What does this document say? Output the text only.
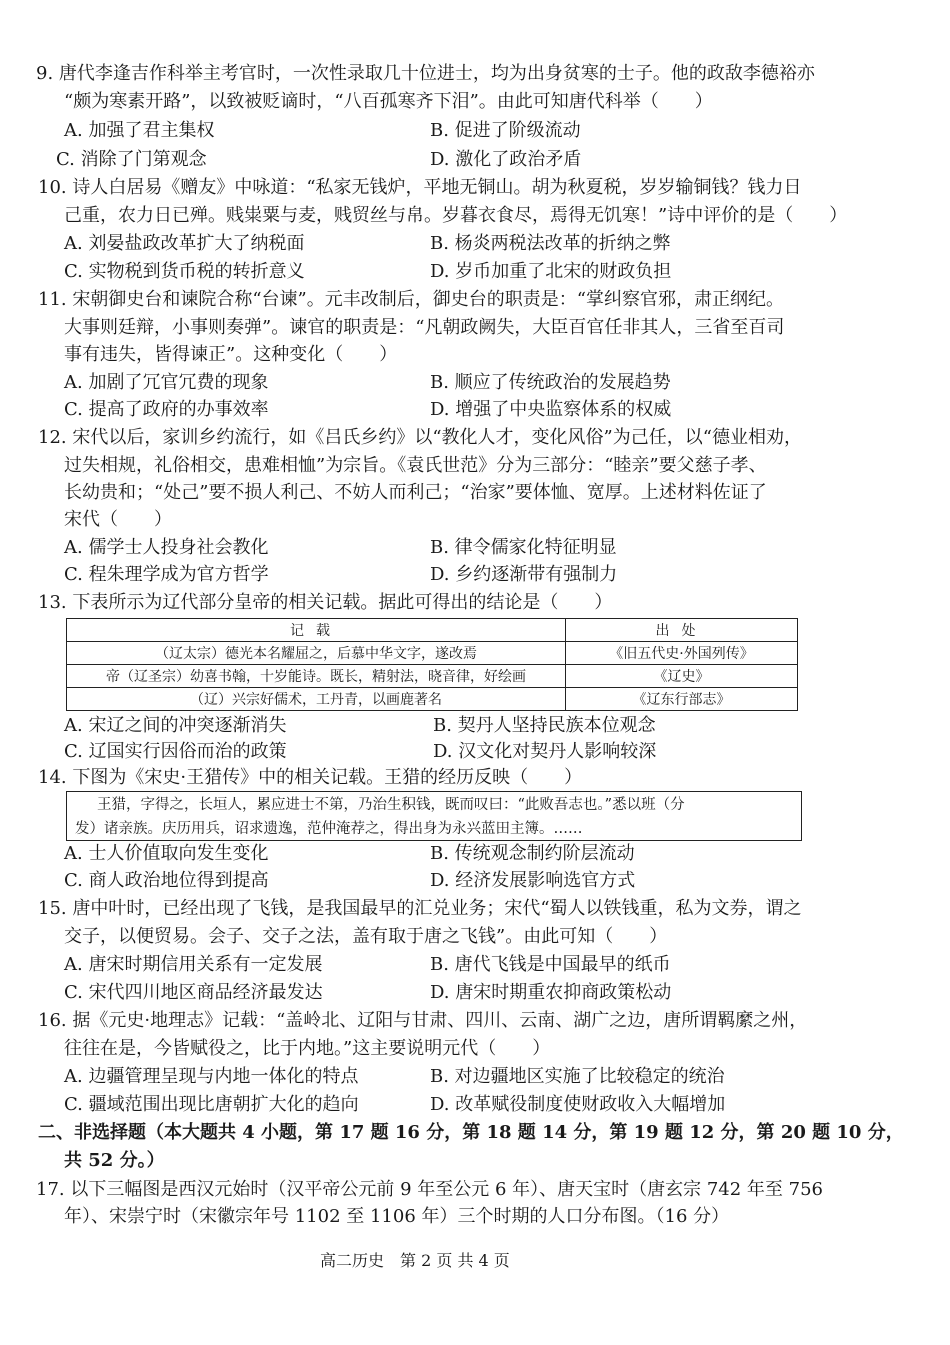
9. 唐代李逢吉作科举主考官时，一次性录取几十位进士，均为出身贫寒的士子。他的政敌李德裕亦
“颇为寒素开路”，以致被贬谪时，“八百孤寒齐下泪”。由此可知唐代科举（　　）
A. 加强了君主集权	B. 促进了阶级流动
C. 消除了门第观念	D. 激化了政治矛盾
10. 诗人白居易《赠友》中咏道：“私家无钱炉，平地无铜山。胡为秋夏税，岁岁输铜钱？钱力日
己重，农力日已殚。贱粜粟与麦，贱贸丝与帛。岁暮衣食尽，焉得无饥寒！”诗中评价的是（　　）
A. 刘晏盐政改革扩大了纳税面	B. 杨炎两税法改革的折纳之弊
C. 实物税到货币税的转折意义	D. 岁币加重了北宋的财政负担
11. 宋朝御史台和谏院合称“台谏”。元丰改制后，御史台的职责是：“掌纠察官邪，肃正纲纪。
大事则廷辩，小事则奏弹”。谏官的职责是：“凡朝政阙失，大臣百官任非其人，三省至百司
事有违失，皆得谏正”。这种变化（　　）
A. 加剧了冗官冗费的现象	B. 顺应了传统政治的发展趋势
C. 提高了政府的办事效率	D. 增强了中央监察体系的权威
12. 宋代以后，家训乡约流行，如《吕氏乡约》以“教化人才，变化风俗”为己任，以“德业相劝，
过失相规，礼俗相交，患难相恤”为宗旨。《袁氏世范》分为三部分：“睦亲”要父慈子孝、
长幼贵和；“处己”要不损人利己、不妨人而利己；“治家”要体恤、宽厚。上述材料佐证了
宋代（　　）
A. 儒学士人投身社会教化	B. 律令儒家化特征明显
C. 程朱理学成为官方哲学	D. 乡约逐渐带有强制力
13. 下表所示为辽代部分皇帝的相关记载。据此可得出的结论是（　　）
记载	出处
（辽太宗）德光本名耀屈之，后慕中华文字，遂改焉	《旧五代史·外国列传》
帝（辽圣宗）幼喜书翰，十岁能诗。既长，精射法，晓音律，好绘画	《辽史》
（辽）兴宗好儒术，工丹青，以画鹿著名	《辽东行部志》
A. 宋辽之间的冲突逐渐消失	B. 契丹人坚持民族本位观念
C. 辽国实行因俗而治的政策	D. 汉文化对契丹人影响较深
14. 下图为《宋史·王猎传》中的相关记载。王猎的经历反映（　　）
王猎，字得之，长垣人，累应进士不第，乃治生积钱，既而叹曰：“此败吾志也。”悉以班（分
发）诸亲族。庆历用兵，诏求遗逸，范仲淹荐之，得出身为永兴蓝田主簿。……
A. 士人价值取向发生变化	B. 传统观念制约阶层流动
C. 商人政治地位得到提高	D. 经济发展影响选官方式
15. 唐中叶时，已经出现了飞钱，是我国最早的汇兑业务；宋代“蜀人以铁钱重，私为文券，谓之
交子，以便贸易。会子、交子之法，盖有取于唐之飞钱”。由此可知（　　）
A. 唐宋时期信用关系有一定发展	B. 唐代飞钱是中国最早的纸币
C. 宋代四川地区商品经济最发达	D. 唐宋时期重农抑商政策松动
16. 据《元史·地理志》记载：“盖岭北、辽阳与甘肃、四川、云南、湖广之边，唐所谓羁縻之州，
往往在是，今皆赋役之，比于内地。”这主要说明元代（　　）
A. 边疆管理呈现与内地一体化的特点	B. 对边疆地区实施了比较稳定的统治
C. 疆域范围出现比唐朝扩大化的趋向	D. 改革赋役制度使财政收入大幅增加
二、非选择题（本大题共 4 小题，第 17 题 16 分，第 18 题 14 分，第 19 题 12 分，第 20 题 10 分，
共 52 分。）
17. 以下三幅图是西汉元始时（汉平帝公元前 9 年至公元 6 年）、唐天宝时（唐玄宗 742 年至 756
年）、宋崇宁时（宋徽宗年号 1102 至 1106 年）三个时期的人口分布图。（16 分）
高二历史　第 2 页 共 4 页
